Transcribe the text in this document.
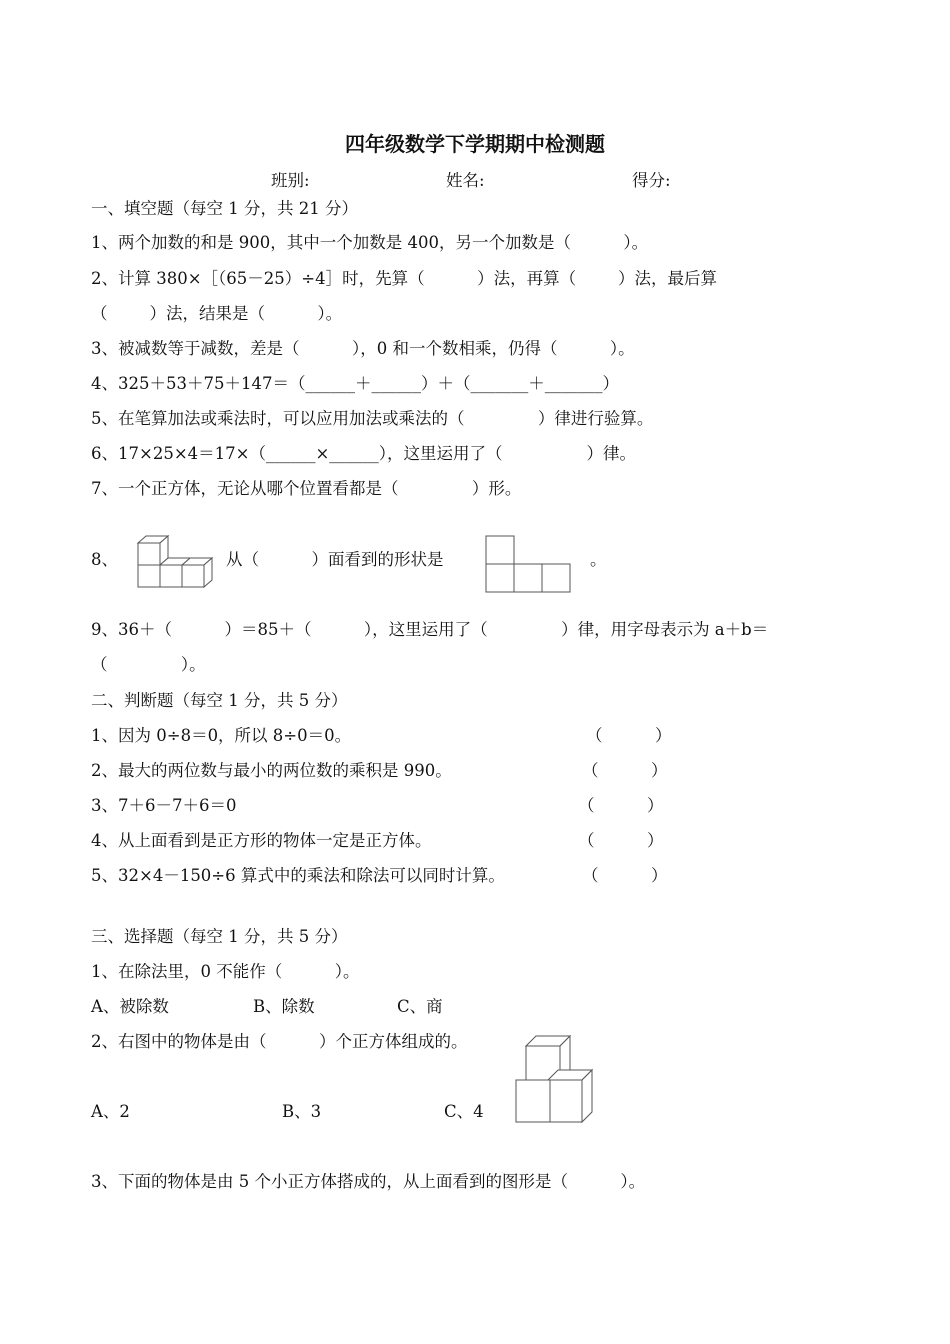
四年级数学下学期期中检测题
班别:	姓名:	得分:
一、填空题（每空 1 分，共 21 分）
1、两个加数的和是 900，其中一个加数是 400，另一个加数是（          ）。
2、计算 380×［（65－25）÷4］时，先算（          ）法，再算（        ）法，最后算
（        ）法，结果是（          ）。
3、被减数等于减数，差是（          ），0 和一个数相乘，仍得（          ）。
4、325＋53＋75＋147＝（______＋______）＋（_______＋_______）
5、在笔算加法或乘法时，可以应用加法或乘法的（              ）律进行验算。
6、17×25×4＝17×（______×______），这里运用了（                ）律。
7、一个正方体，无论从哪个位置看都是（              ）形。
8、	从（          ）面看到的形状是	。
9、36＋（          ）＝85＋（          ），这里运用了（              ）律，用字母表示为 a＋b＝
（              ）。
二、判断题（每空 1 分，共 5 分）
1、因为 0÷8＝0，所以 8÷0＝0。	（          ）
2、最大的两位数与最小的两位数的乘积是 990。	（          ）
3、7＋6－7＋6＝0	（          ）
4、从上面看到是正方形的物体一定是正方体。	（          ）
5、32×4－150÷6 算式中的乘法和除法可以同时计算。	（          ）
三、选择题（每空 1 分，共 5 分）
1、在除法里，0 不能作（          ）。
A、被除数	B、除数	C、商
2、右图中的物体是由（          ）个正方体组成的。
A、2	B、3	C、4
3、下面的物体是由 5 个小正方体搭成的，从上面看到的图形是（          ）。
